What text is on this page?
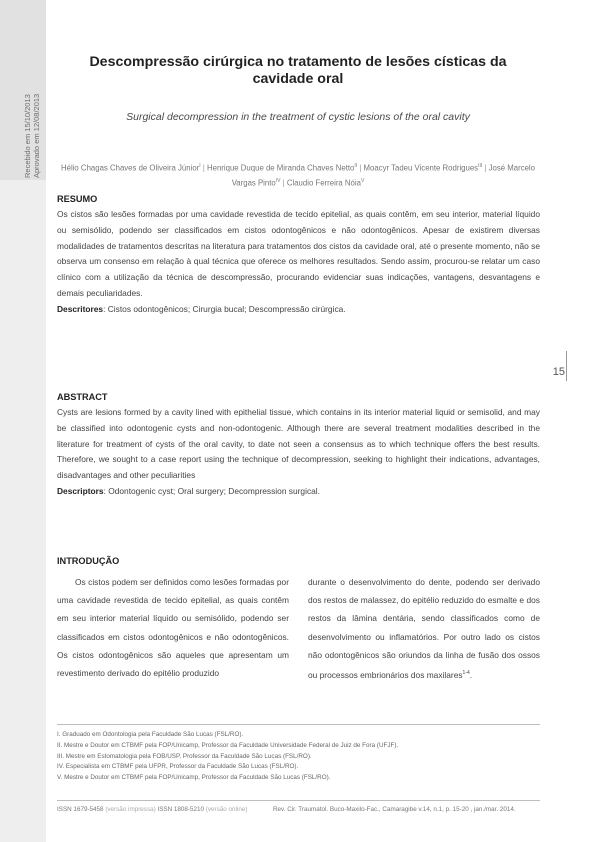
Recebido em 15/10/2013 Aprovado em 12/08/2013
Descompressão cirúrgica no tratamento de lesões císticas da cavidade oral
Surgical decompression in the treatment of cystic lesions of the oral cavity
Hélio Chagas Chaves de Oliveira Júnior$^I$ | Henrique Duque de Miranda Chaves Netto$^{II}$ | Moacyr Tadeu Vicente Rodrigues$^{III}$ | José Marcelo Vargas Pinto$^{IV}$ | Claudio Ferreira Nóia$^V$
RESUMO
Os cistos são lesões formadas por uma cavidade revestida de tecido epitelial, as quais contêm, em seu interior, material líquido ou semisólido, podendo ser classificados em cistos odontogênicos e não odontogênicos. Apesar de existirem diversas modalidades de tratamentos descritas na literatura para tratamentos dos cistos da cavidade oral, até o presente momento, não se observa um consenso em relação à qual técnica que oferece os melhores resultados. Sendo assim, procurou-se relatar um caso clínico com a utilização da técnica de descompressão, procurando evidenciar suas indicações, vantagens, desvantagens e demais peculiaridades.
Descritores: Cistos odontogênicos; Cirurgia bucal; Descompressão cirúrgica.
15
ABSTRACT
Cysts are lesions formed by a cavity lined with epithelial tissue, which contains in its interior material liquid or semisolid, and may be classified into odontogenic cysts and non-odontogenic. Although there are several treatment modalities described in the literature for treatment of cysts of the oral cavity, to date not seen a consensus as to which technique offers the best results. Therefore, we sought to a case report using the technique of decompression, seeking to highlight their indications, advantages, disadvantages and other peculiarities
Descriptors: Odontogenic cyst; Oral surgery; Decompression surgical.
INTRODUÇÃO
Os cistos podem ser definidos como lesões formadas por uma cavidade revestida de tecido epitelial, as quais contêm em seu interior material líquido ou semisólido, podendo ser classificados em cistos odontogênicos e não odontogênicos. Os cistos odontogênicos são aqueles que apresentam um revestimento derivado do epitélio produzido
durante o desenvolvimento do dente, podendo ser derivado dos restos de malassez, do epitélio reduzido do esmalte e dos restos da lâmina dentária, sendo classificados como de desenvolvimento ou inflamatórios. Por outro lado os cistos não odontogênicos são oriundos da linha de fusão dos ossos ou processos embrionários dos maxilares$^{1-4}$.
I. Graduado em Odontologia pela Faculdade São Lucas (FSL/RO).
II. Mestre e Doutor em CTBMF pela FOP/Unicamp, Professor da Faculdade Universidade Federal de Juiz de Fora (UFJF).
III. Mestre em Estomatologia pela FOB/USP, Professor da Faculdade São Lucas (FSL/RO).
IV. Especialista em CTBMF pela UFPR, Professor da Faculdade São Lucas (FSL/RO).
V. Mestre e Doutor em CTBMF pela FOP/Unicamp, Professor da Faculdade São Lucas (FSL/RO).
ISSN 1679-5458 (versão impressa) ISSN 1808-5210 (versão online)	Rev. Cir. Traumatol. Buco-Maxilo-Fac., Camaragibe v.14, n.1, p. 15-20 , jan./mar. 2014.
